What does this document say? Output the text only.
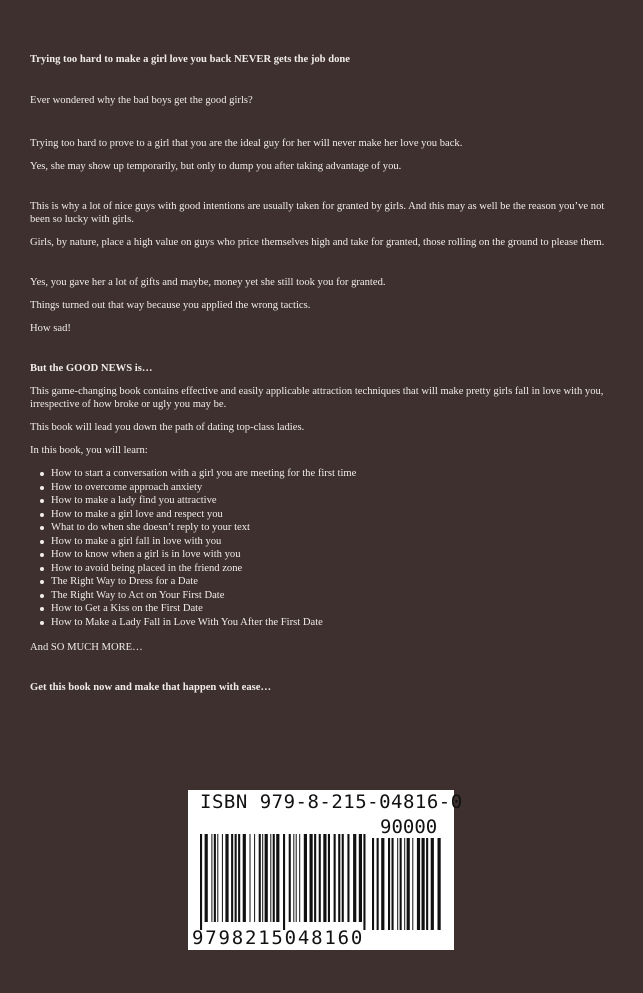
Trying too hard to make a girl love you back NEVER gets the job done

Ever wondered why the bad boys get the good girls?

Trying too hard to prove to a girl that you are the ideal guy for her will never make her love you back.

Yes, she may show up temporarily, but only to dump you after taking advantage of you.

This is why a lot of nice guys with good intentions are usually taken for granted by girls. And this may as well be the reason you’ve not been so lucky with girls.

Girls, by nature, place a high value on guys who price themselves high and take for granted, those rolling on the ground to please them.

Yes, you gave her a lot of gifts and maybe, money yet she still took you for granted.

Things turned out that way because you applied the wrong tactics.

How sad!

But the GOOD NEWS is…

This game-changing book contains effective and easily applicable attraction techniques that will make pretty girls fall in love with you, irrespective of how broke or ugly you may be.

This book will lead you down the path of dating top-class ladies.

In this book, you will learn:

How to start a conversation with a girl you are meeting for the first time
How to overcome approach anxiety
How to make a lady find you attractive
How to make a girl love and respect you
What to do when she doesn’t reply to your text
How to make a girl fall in love with you
How to know when a girl is in love with you
How to avoid being placed in the friend zone
The Right Way to Dress for a Date
The Right Way to Act on Your First Date
How to Get a Kiss on the First Date
How to Make a Lady Fall in Love With You After the First Date

And SO MUCH MORE…

Get this book now and make that happen with ease…

ISBN 979-8-215-04816-0
90000
9798215048160
